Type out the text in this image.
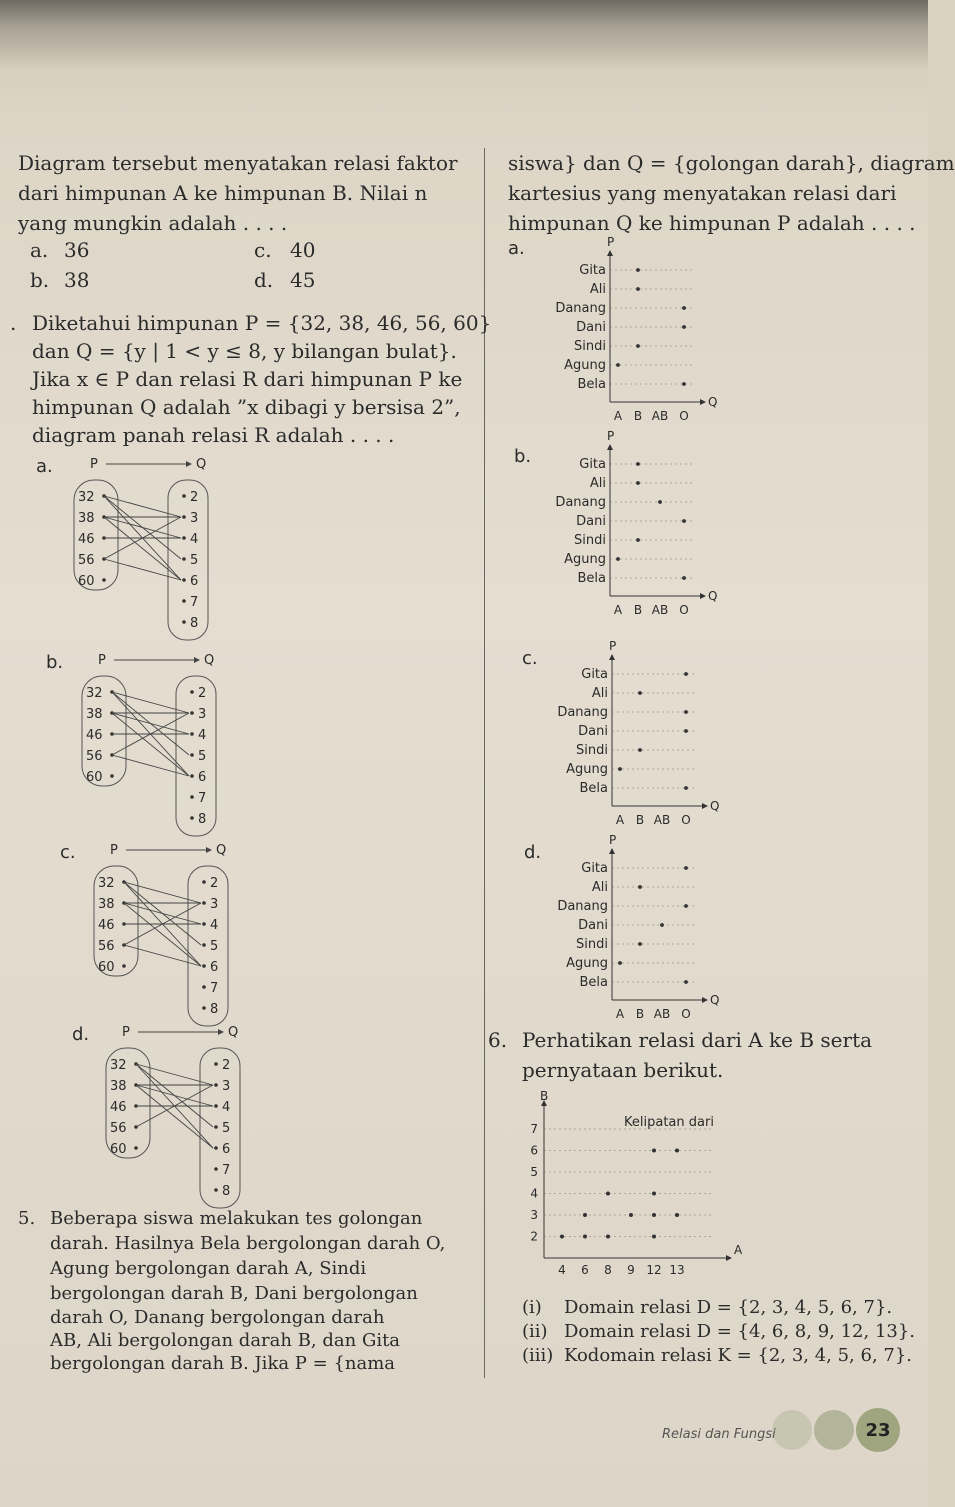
Diagram tersebut menyatakan relasi faktor
dari himpunan A ke himpunan B. Nilai n
yang mungkin adalah . . . .
a. 36	c. 40
b. 38	d. 45
. Diketahui himpunan P = {32, 38, 46, 56, 60}
dan Q = {y | 1 < y ≤ 8, y bilangan bulat}.
Jika x ∈ P dan relasi R dari himpunan P ke
himpunan Q adalah ”x dibagi y bersisa 2”,
diagram panah relasi R adalah . . . .
a.	P	Q
32
38
46
56
60
2
3
4
5
6
7
8
b.	P	Q
32
38
46
56
60
2
3
4
5
6
7
8
c.	P	Q
32
38
46
56
60
2
3
4
5
6
7
8
d.	P	Q
32
38
46
56
60
2
3
4
5
6
7
8
5. Beberapa siswa melakukan tes golongan
darah. Hasilnya Bela bergolongan darah O,
Agung bergolongan darah A, Sindi
bergolongan darah B, Dani bergolongan
darah O, Danang bergolongan darah
AB, Ali bergolongan darah B, dan Gita
bergolongan darah B. Jika P = {nama
siswa} dan Q = {golongan darah}, diagram
kartesius yang menyatakan relasi dari
himpunan Q ke himpunan P adalah . . . .
a.	P
Q
Gita
Ali
Danang
Dani
Sindi
Agung
Bela
A B AB O
b.
P
Q
Gita
Ali
Danang
Dani
Sindi
Agung
Bela
A B AB O
c.
P
Q
Gita
Ali
Danang
Dani
Sindi
Agung
Bela
A B AB O
d.
P
Q
Gita
Ali
Danang
Dani
Sindi
Agung
Bela
A B AB O
6. Perhatikan relasi dari A ke B serta
pernyataan berikut.
B
A
Kelipatan dari
2
3
4
5
6
7
4 6 8 9 12 13
(i) Domain relasi D = {2, 3, 4, 5, 6, 7}.
(ii) Domain relasi D = {4, 6, 8, 9, 12, 13}.
(iii) Kodomain relasi K = {2, 3, 4, 5, 6, 7}.
Relasi dan Fungsi	23
